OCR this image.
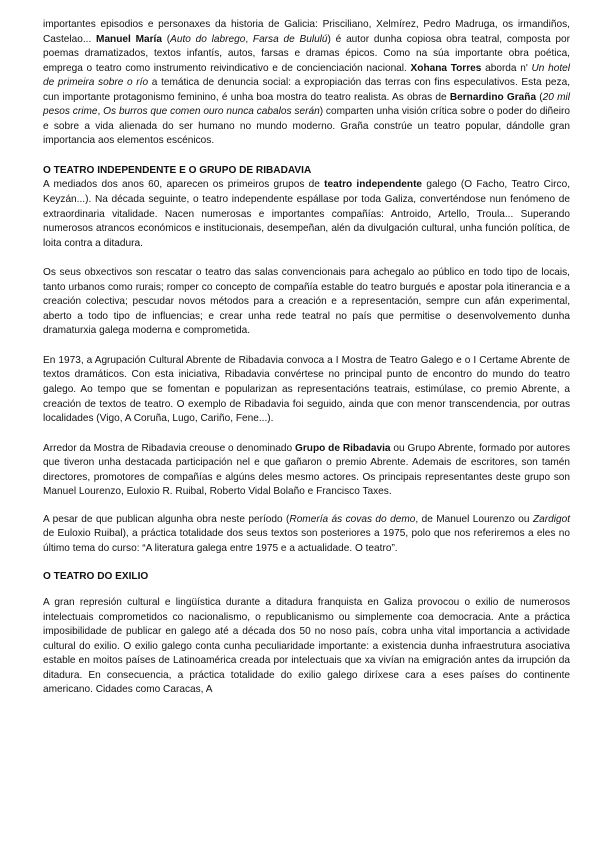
importantes episodios e personaxes da historia de Galicia: Prisciliano, Xelmírez, Pedro Madruga, os irmandiños, Castelao... Manuel María (Auto do labrego, Farsa de Bululú) é autor dunha copiosa obra teatral, composta por poemas dramatizados, textos infantís, autos, farsas e dramas épicos. Como na súa importante obra poética, emprega o teatro como instrumento reivindicativo e de concienciación nacional. Xohana Torres aborda n' Un hotel de primeira sobre o río a temática de denuncia social: a expropiación das terras con fins especulativos. Esta peza, cun importante protagonismo feminino, é unha boa mostra do teatro realista. As obras de Bernardino Graña (20 mil pesos crime, Os burros que comen ouro nunca cabalos serán) comparten unha visión crítica sobre o poder do diñeiro e sobre a vida alienada do ser humano no mundo moderno. Graña constrúe un teatro popular, dándolle gran importancia aos elementos escénicos.

O TEATRO INDEPENDENTE E O GRUPO DE RIBADAVIA

A mediados dos anos 60, aparecen os primeiros grupos de teatro independente galego (O Facho, Teatro Circo, Keyzán...). Na década seguinte, o teatro independente espállase por toda Galiza, converténdose nun fenómeno de extraordinaria vitalidade. Nacen numerosas e importantes compañías: Antroido, Artello, Troula... Superando numerosos atrancos económicos e institucionais, desempeñan, alén da divulgación cultural, unha función política, de loita contra a ditadura.

Os seus obxectivos son rescatar o teatro das salas convencionais para achegalo ao público en todo tipo de locais, tanto urbanos como rurais; romper co concepto de compañía estable do teatro burgués e apostar pola itinerancia e a creación colectiva; pescudar novos métodos para a creación e a representación, sempre cun afán experimental, aberto a todo tipo de influencias; e crear unha rede teatral no país que permitise o desenvolvemento dunha dramaturxia galega moderna e comprometida.

En 1973, a Agrupación Cultural Abrente de Ribadavia convoca a I Mostra de Teatro Galego e o I Certame Abrente de textos dramáticos. Con esta iniciativa, Ribadavia convértese no principal punto de encontro do mundo do teatro galego. Ao tempo que se fomentan e popularizan as representacións teatrais, estimúlase, co premio Abrente, a creación de textos de teatro. O exemplo de Ribadavia foi seguido, ainda que con menor transcendencia, por outras localidades (Vigo, A Coruña, Lugo, Cariño, Fene...).

Arredor da Mostra de Ribadavia creouse o denominado Grupo de Ribadavia ou Grupo Abrente, formado por autores que tiveron unha destacada participación nel e que gañaron o premio Abrente. Ademais de escritores, son tamén directores, promotores de compañías e algúns deles mesmo actores. Os principais representantes deste grupo son Manuel Lourenzo, Euloxio R. Ruibal, Roberto Vidal Bolaño e Francisco Taxes.

A pesar de que publican algunha obra neste período (Romería ás covas do demo, de Manuel Lourenzo ou Zardigot de Euloxio Ruibal), a práctica totalidade dos seus textos son posteriores a 1975, polo que nos referiremos a eles no último tema do curso: “A literatura galega entre 1975 e a actualidade. O teatro”.

O TEATRO DO EXILIO

A gran represión cultural e lingüística durante a ditadura franquista en Galiza provocou o exilio de numerosos intelectuais comprometidos co nacionalismo, o republicanismo ou simplemente coa democracia. Ante a práctica imposibilidade de publicar en galego até a década dos 50 no noso país, cobra unha vital importancia a actividade cultural do exilio. O exilio galego conta cunha peculiaridade importante: a existencia dunha infraestrutura asociativa estable en moitos países de Latinoamérica creada por intelectuais que xa vivían na emigración antes da irrupción da ditadura. En consecuencia, a práctica totalidade do exilio galego diríxese cara a eses países do continente americano. Cidades como Caracas, A
